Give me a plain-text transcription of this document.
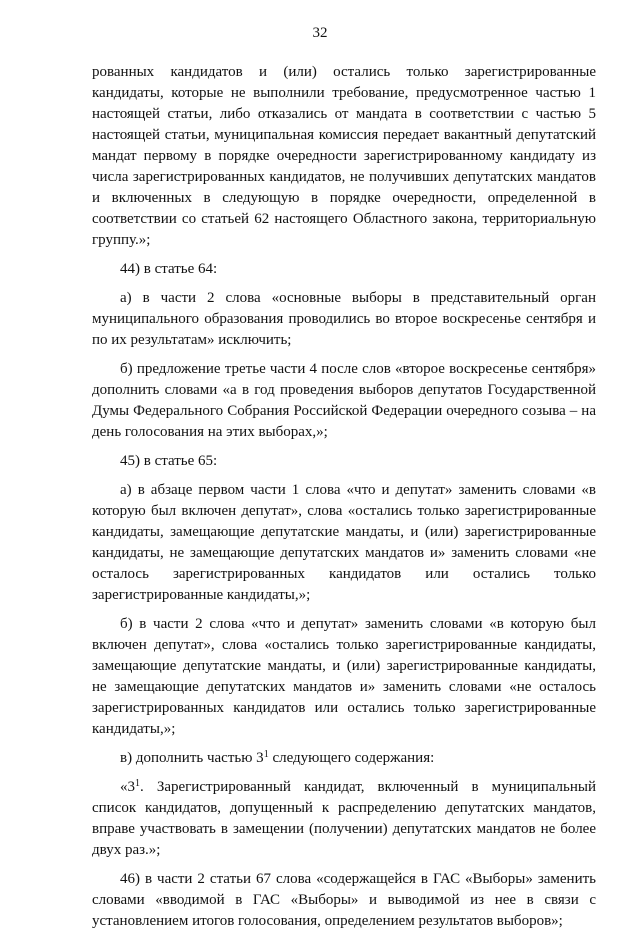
32

рованных кандидатов и (или) остались только зарегистрированные кандидаты, которые не выполнили требование, предусмотренное частью 1 настоящей статьи, либо отказались от мандата в соответствии с частью 5 настоящей статьи, муниципальная комиссия передает вакантный депутатский мандат первому в порядке очередности зарегистрированному кандидату из числа зарегистрированных кандидатов, не получивших депутатских мандатов и включенных в следующую в порядке очередности, определенной в соответствии со статьей 62 настоящего Областного закона, территориальную группу.»;

44) в статье 64:

а) в части 2 слова «основные выборы в представительный орган муниципального образования проводились во второе воскресенье сентября и по их результатам» исключить;

б) предложение третье части 4 после слов «второе воскресенье сентября» дополнить словами «а в год проведения выборов депутатов Государственной Думы Федерального Собрания Российской Федерации очередного созыва – на день голосования на этих выборах,»;

45) в статье 65:

а) в абзаце первом части 1 слова «что и депутат» заменить словами «в которую был включен депутат», слова «остались только зарегистрированные кандидаты, замещающие депутатские мандаты, и (или) зарегистрированные кандидаты, не замещающие депутатских мандатов и» заменить словами «не осталось зарегистрированных кандидатов или остались только зарегистрированные кандидаты,»;

б) в части 2 слова «что и депутат» заменить словами «в которую был включен депутат», слова «остались только зарегистрированные кандидаты, замещающие депутатские мандаты, и (или) зарегистрированные кандидаты, не замещающие депутатских мандатов и» заменить словами «не осталось зарегистрированных кандидатов или остались только зарегистрированные кандидаты,»;

в) дополнить частью $3^1$ следующего содержания:

«$3^1$. Зарегистрированный кандидат, включенный в муниципальный список кандидатов, допущенный к распределению депутатских мандатов, вправе участвовать в замещении (получении) депутатских мандатов не более двух раз.»;

46) в части 2 статьи 67 слова «содержащейся в ГАС «Выборы» заменить словами «вводимой в ГАС «Выборы» и выводимой из нее в связи с установлением итогов голосования, определением результатов выборов»;
